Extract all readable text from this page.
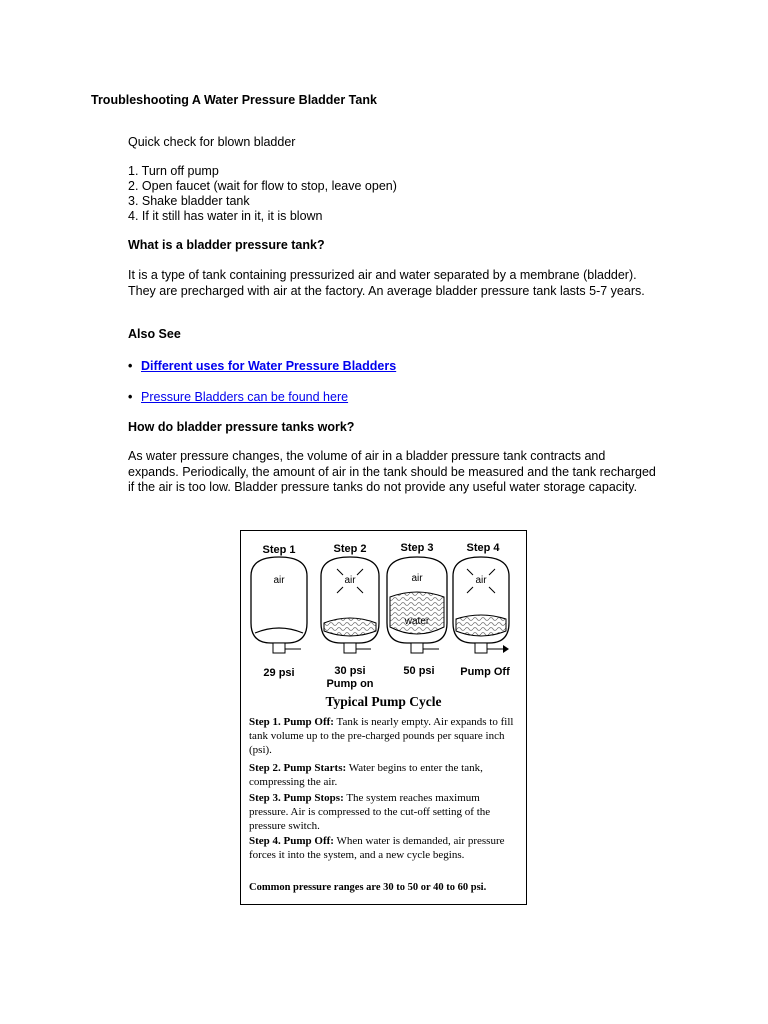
Troubleshooting A Water Pressure Bladder Tank
Quick check for blown bladder
1. Turn off pump
2. Open faucet (wait for flow to stop, leave open)
3. Shake bladder tank
4. If it still has water in it, it is blown
What is a bladder pressure tank?
It is a type of tank containing pressurized air and water separated by a membrane (bladder). They are precharged with air at the factory. An average bladder pressure tank lasts 5-7 years.
Also See
• Different uses for Water Pressure Bladders
• Pressure Bladders can be found here
How do bladder pressure tanks work?
As water pressure changes, the volume of air in a bladder pressure tank contracts and expands. Periodically, the amount of air in the tank should be measured and the tank recharged if the air is too low. Bladder pressure tanks do not provide any useful water storage capacity.
Step 1	Step 2	Step 3	Step 4
air	air	air
water
air
29 psi	30 psi
Pump on
50 psi Pump Off
Typical Pump Cycle
Step 1. Pump Off: Tank is nearly empty. Air expands to fill tank volume up to the pre-charged pounds per square inch (psi).
Step 2. Pump Starts: Water begins to enter the tank, compressing the air.
Step 3. Pump Stops: The system reaches maximum pressure. Air is compressed to the cut-off setting of the pressure switch.
Step 4. Pump Off: When water is demanded, air pressure forces it into the system, and a new cycle begins.
Common pressure ranges are 30 to 50 or 40 to 60 psi.
